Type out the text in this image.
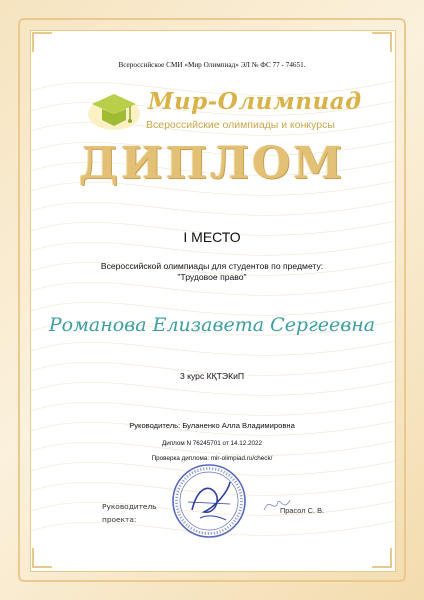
Всероссийское СМИ «Мир Олимпиад» ЭЛ № ФС 77 - 74651.
Мир-Олимпиад
Всероссийские олимпиады и конкурсы
ДИПЛОМ
I МЕСТО
Всероссийской олимпиады для студентов по предмету: "Трудовое право"
Романова Елизавета Сергеевна
3 курс КҚТЭКиП
Руководитель: Буланенко Алла Владимировна
Диплом N 76245701 от 14.12.2022
Проверка диплома: mir-olimpiad.ru/check/
Руководитель проекта:
Прасол С. В.
